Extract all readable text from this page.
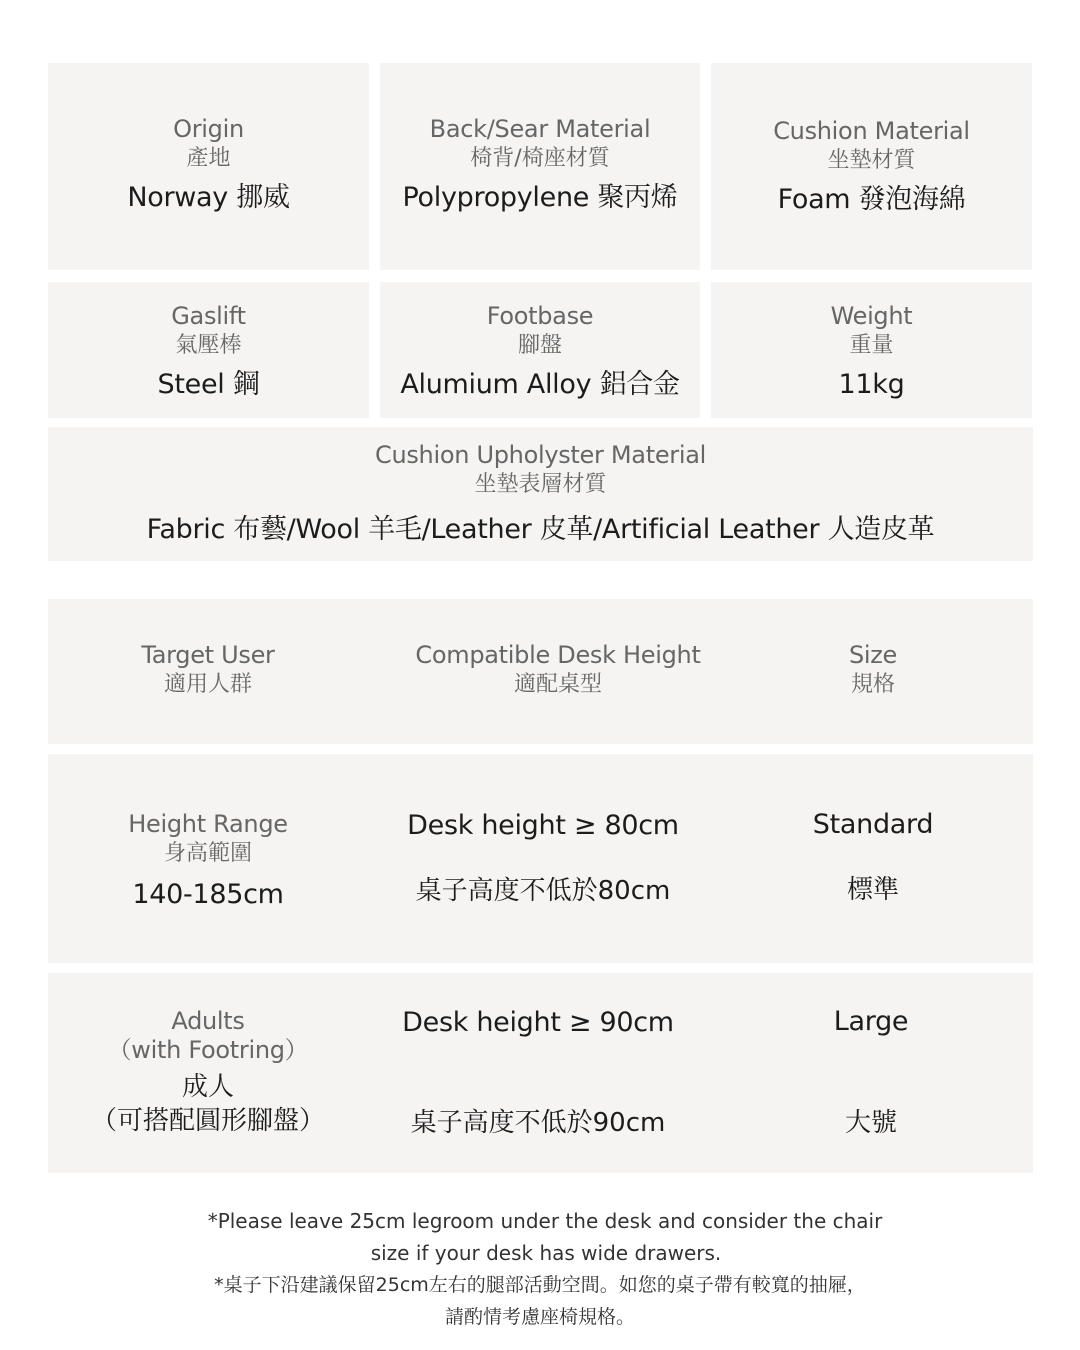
Origin
產地
Norway 挪威
Back/Sear Material
椅背/椅座材質
Polypropylene 聚丙烯
Cushion Material
坐墊材質
Foam 發泡海綿
Gaslift
氣壓棒
Steel 鋼
Footbase
腳盤
Alumium Alloy 鋁合金
Weight
重量
11kg
Cushion Upholyster Material
坐墊表層材質
Fabric 布藝/Wool 羊毛/Leather 皮革/Artificial Leather 人造皮革
Target User
適用人群
Compatible Desk Height
適配桌型
Size
規格
Height Range
身高範圍
140-185cm
Desk height ≥ 80cm
桌子高度不低於80cm
Standard
標準
Adults
（with Footring）
成人
（可搭配圓形腳盤）
Desk height ≥ 90cm
桌子高度不低於90cm
Large
大號
*Please leave 25cm legroom under the desk and consider the chair
size if your desk has wide drawers.
*桌子下沿建議保留25cm左右的腿部活動空間。如您的桌子帶有較寬的抽屜，
請酌情考慮座椅規格。
